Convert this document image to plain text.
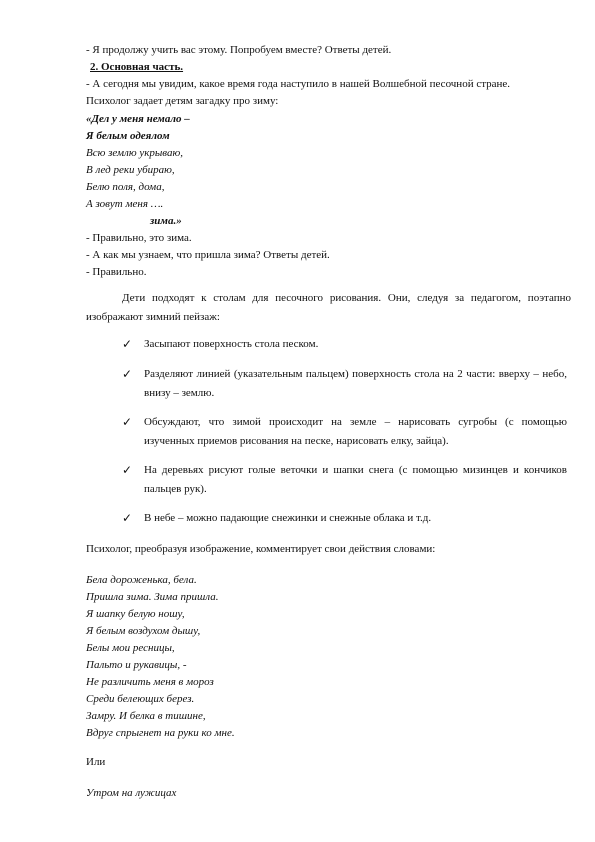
- Я продолжу учить вас этому. Попробуем вместе? Ответы детей.
2. Основная часть.
- А сегодня мы увидим, какое время года наступило в нашей Волшебной песочной стране.
Психолог задает детям загадку про зиму:
«Дел у меня немало –
Я белым одеялом
Всю землю укрываю,
В лед реки убираю,
Белю поля, дома,
А зовут меня ….
зима.»
- Правильно, это зима.
- А как мы узнаем, что пришла зима? Ответы детей.
- Правильно.
Дети подходят к столам для песочного рисования. Они, следуя за педагогом, поэтапно изображают зимний пейзаж:
✓	Засыпают поверхность стола песком.
✓	Разделяют линией (указательным пальцем) поверхность стола на 2 части: вверху – небо, внизу – землю.
✓	Обсуждают, что зимой происходит на земле – нарисовать сугробы (с помощью изученных приемов рисования на песке, нарисовать елку, зайца).
✓	На деревьях рисуют голые веточки и шапки снега (с помощью мизинцев и кончиков пальцев рук).
✓	В небе – можно падающие снежинки и снежные облака и т.д.
Психолог, преобразуя изображение, комментирует свои действия словами:
Бела дороженька, бела.
Пришла зима. Зима пришла.
Я шапку белую ношу,
Я белым воздухом дышу,
Белы мои ресницы,
Пальто и рукавицы, -
Не различить меня в мороз
Среди белеющих берез.
Замру. И белка в тишине,
Вдруг спрыгнет на руки ко мне.
Или
Утром на лужицах
